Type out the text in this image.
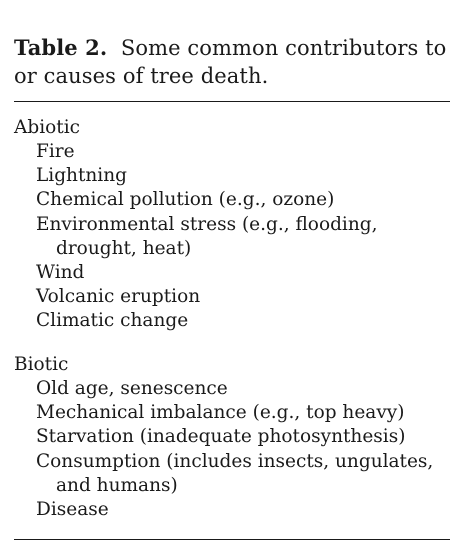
Table 2. Some common contributors to or causes of tree death.
Abiotic
Fire
Lightning
Chemical pollution (e.g., ozone)
Environmental stress (e.g., flooding,
drought, heat)
Wind
Volcanic eruption
Climatic change
Biotic
Old age, senescence
Mechanical imbalance (e.g., top heavy)
Starvation (inadequate photosynthesis)
Consumption (includes insects, ungulates,
and humans)
Disease
